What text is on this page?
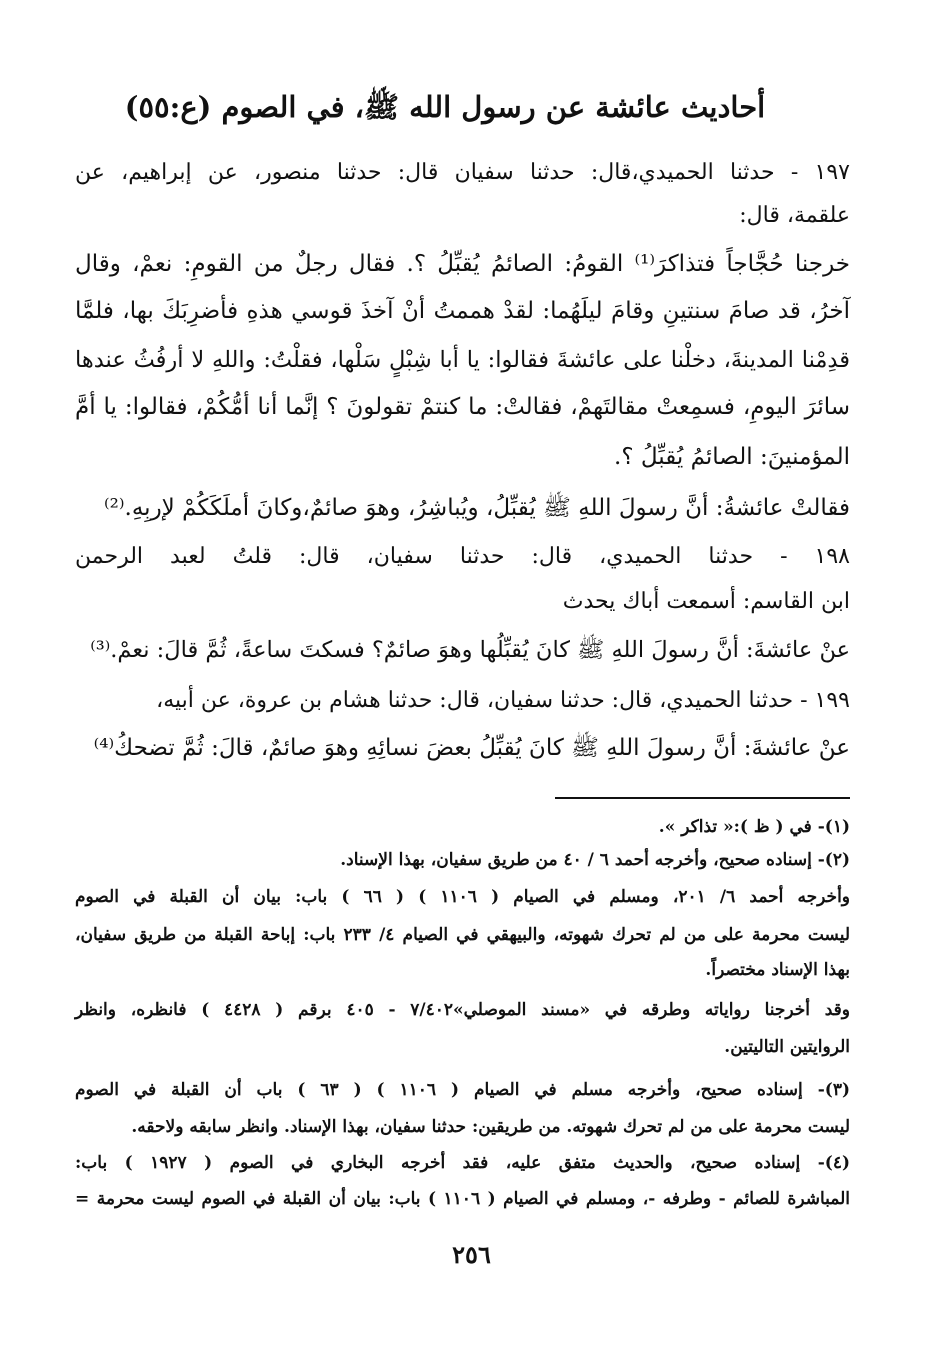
أحاديث عائشة عن رسول الله ﷺ، في الصوم (ع:٥٥)
١٩٧ - حدثنا الحميدي،قال: حدثنا سفيان قال: حدثنا منصور، عن إبراهيم، عن
علقمة، قال:
خرجنا حُجَّاجاً فتذاكرَ⁽¹⁾ القومُ: الصائمُ يُقبِّلُ ؟. فقال رجلٌ من القومِ: نعمْ، وقال
آخرُ، قد صامَ سنتينِ وقامَ ليلَهُما: لقدْ هممتُ أنْ آخذَ قوسي هذهِ فأضرِبَكَ بها، فلمَّا
قدِمْنا المدينةَ، دخلْنا على عائشةَ فقالوا: يا أبا شِبْلٍ سَلْها، فقلْتُ: واللهِ لا أرفُثُ عندها
سائرَ اليومِ، فسمِعتْ مقالتَهمْ، فقالتْ: ما كنتمْ تقولونَ ؟ إنَّما أنا أمُّكُمْ، فقالوا: يا أمَّ
المؤمنينَ: الصائمُ يُقبِّلُ ؟.
فقالتْ عائشةُ: أنَّ رسولَ اللهِ ﷺ يُقبِّلُ، ويُباشِرُ، وهوَ صائمٌ،وكانَ أملَكَكُمْ لإربِهِ.⁽²⁾
١٩٨ - حدثنا الحميدي، قال: حدثنا سفيان، قال: قلتُ لعبد الرحمن
ابن القاسم: أسمعت أباك يحدث
عنْ عائشةَ: أنَّ رسولَ اللهِ ﷺ كانَ يُقبِّلُها وهوَ صائمٌ؟ فسكتَ ساعةً، ثُمَّ قالَ: نعمْ.⁽³⁾
١٩٩ - حدثنا الحميدي، قال: حدثنا سفيان، قال: حدثنا هشام بن عروة، عن أبيه،
عنْ عائشةَ: أنَّ رسولَ اللهِ ﷺ كانَ يُقبِّلُ بعضَ نسائِهِ وهوَ صائمٌ، قالَ: ثُمَّ تضحكُ⁽⁴⁾
(١)- في ( ظ ):« تذاكر ».
(٢)- إسناده صحيح، وأخرجه أحمد ٦ / ٤٠ من طريق سفيان، بهذا الإسناد.
وأخرجه أحمد ٦/ ٢٠١، ومسلم في الصيام ( ١١٠٦ ) ( ٦٦ ) باب: بيان أن القبلة في الصوم
ليست محرمة على من لم تحرك شهوته، والبيهقي في الصيام ٤/ ٢٣٣ باب: إباحة القبلة من طريق سفيان،
بهذا الإسناد مختصراً.
وقد أخرجنا رواياته وطرقه في «مسند الموصلي»٧/٤٠٢ - ٤٠٥ برقم ( ٤٤٢٨ ) فانظره، وانظر
الروايتين التاليتين.
(٣)- إسناده صحيح، وأخرجه مسلم في الصيام ( ١١٠٦ ) ( ٦٣ ) باب أن القبلة في الصوم
ليست محرمة على من لم تحرك شهوته. من طريقين: حدثنا سفيان، بهذا الإسناد. وانظر سابقه ولاحقه.
(٤)- إسناده صحيح، والحديث متفق عليه، فقد أخرجه البخاري في الصوم ( ١٩٢٧ ) باب:
المباشرة للصائم - وطرفه -، ومسلم في الصيام ( ١١٠٦ ) باب: بيان أن القبلة في الصوم ليست محرمة =
٢٥٦
